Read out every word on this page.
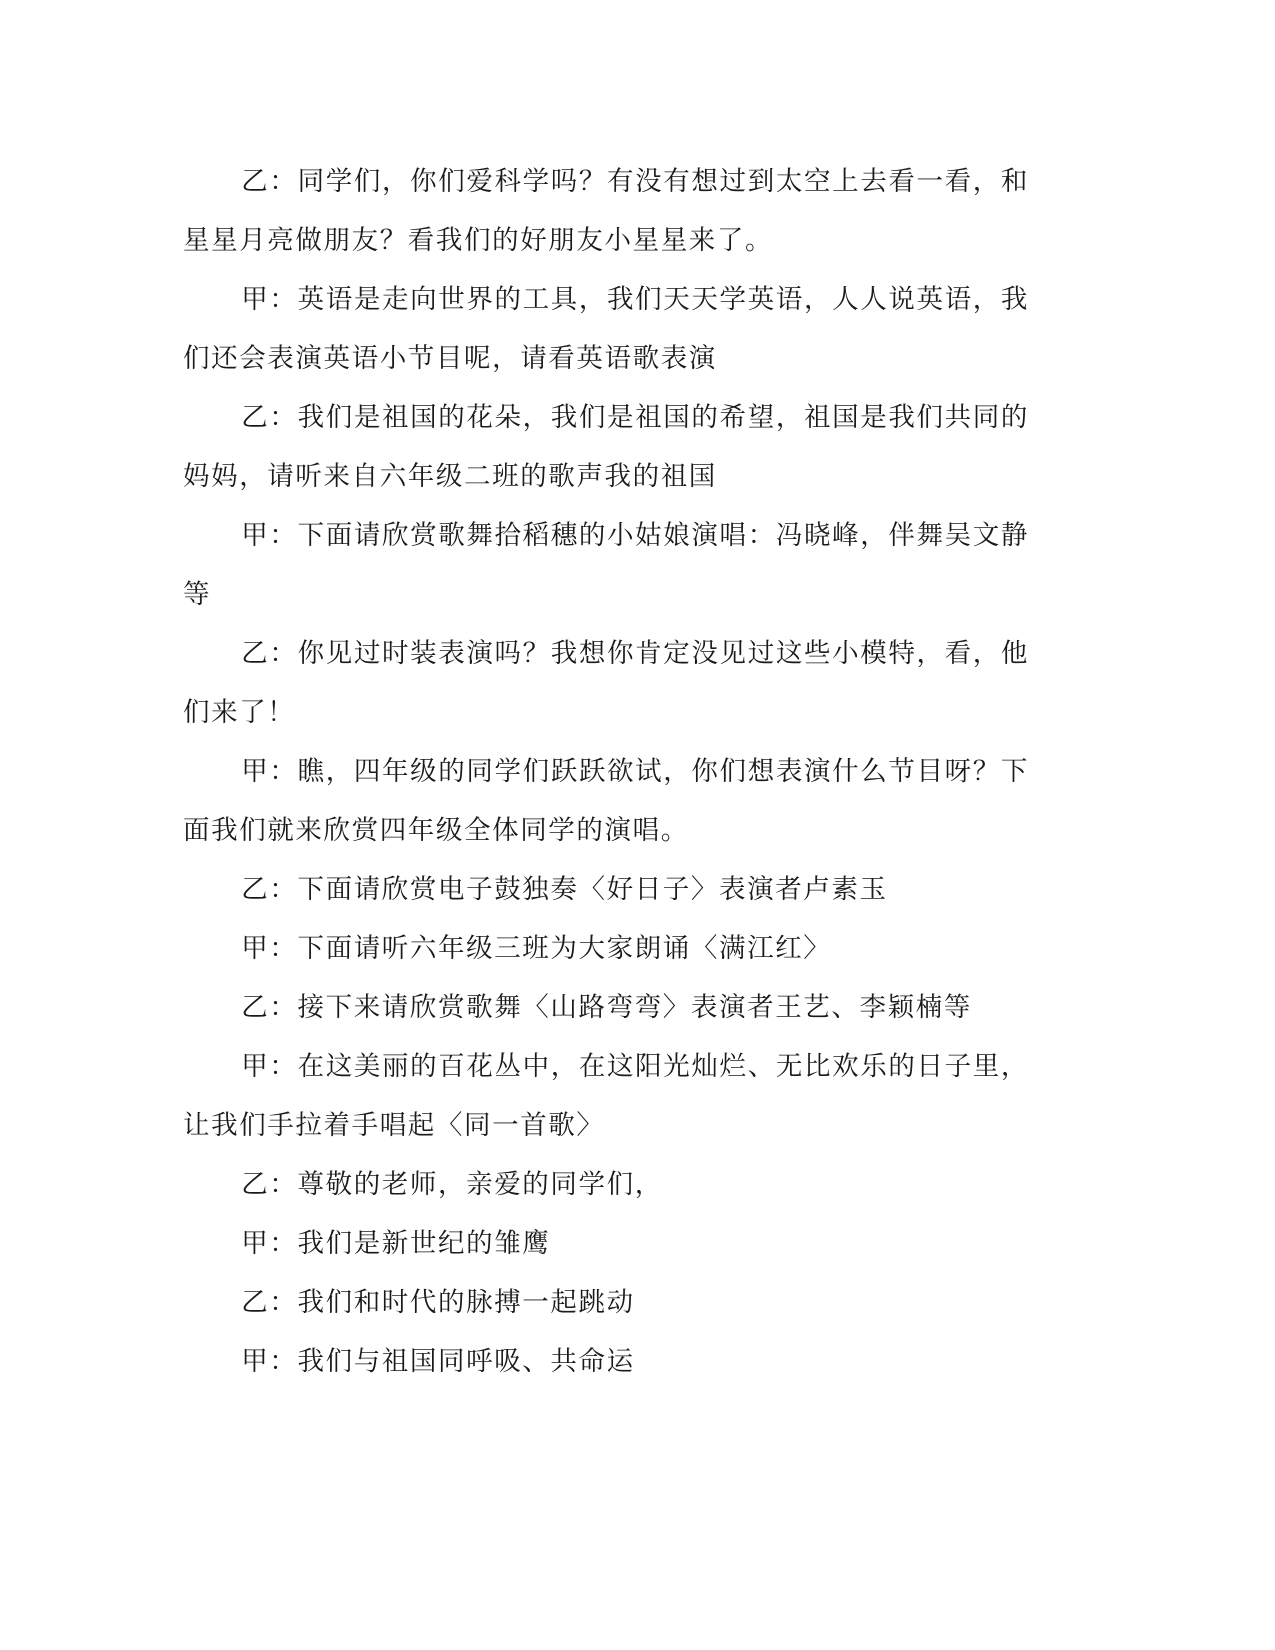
乙：同学们，你们爱科学吗？有没有想过到太空上去看一看，和星星月亮做朋友？看我们的好朋友小星星来了。

甲：英语是走向世界的工具，我们天天学英语，人人说英语，我们还会表演英语小节目呢，请看英语歌表演

乙：我们是祖国的花朵，我们是祖国的希望，祖国是我们共同的妈妈，请听来自六年级二班的歌声我的祖国

甲：下面请欣赏歌舞拾稻穗的小姑娘演唱：冯晓峰，伴舞吴文静等

乙：你见过时装表演吗？我想你肯定没见过这些小模特，看，他们来了！

甲：瞧，四年级的同学们跃跃欲试，你们想表演什么节目呀？下面我们就来欣赏四年级全体同学的演唱。

乙：下面请欣赏电子鼓独奏〈好日子〉表演者卢素玉

甲：下面请听六年级三班为大家朗诵〈满江红〉

乙：接下来请欣赏歌舞〈山路弯弯〉表演者王艺、李颖楠等

甲：在这美丽的百花丛中，在这阳光灿烂、无比欢乐的日子里，让我们手拉着手唱起〈同一首歌〉

乙：尊敬的老师，亲爱的同学们，

甲：我们是新世纪的雏鹰

乙：我们和时代的脉搏一起跳动

甲：我们与祖国同呼吸、共命运
